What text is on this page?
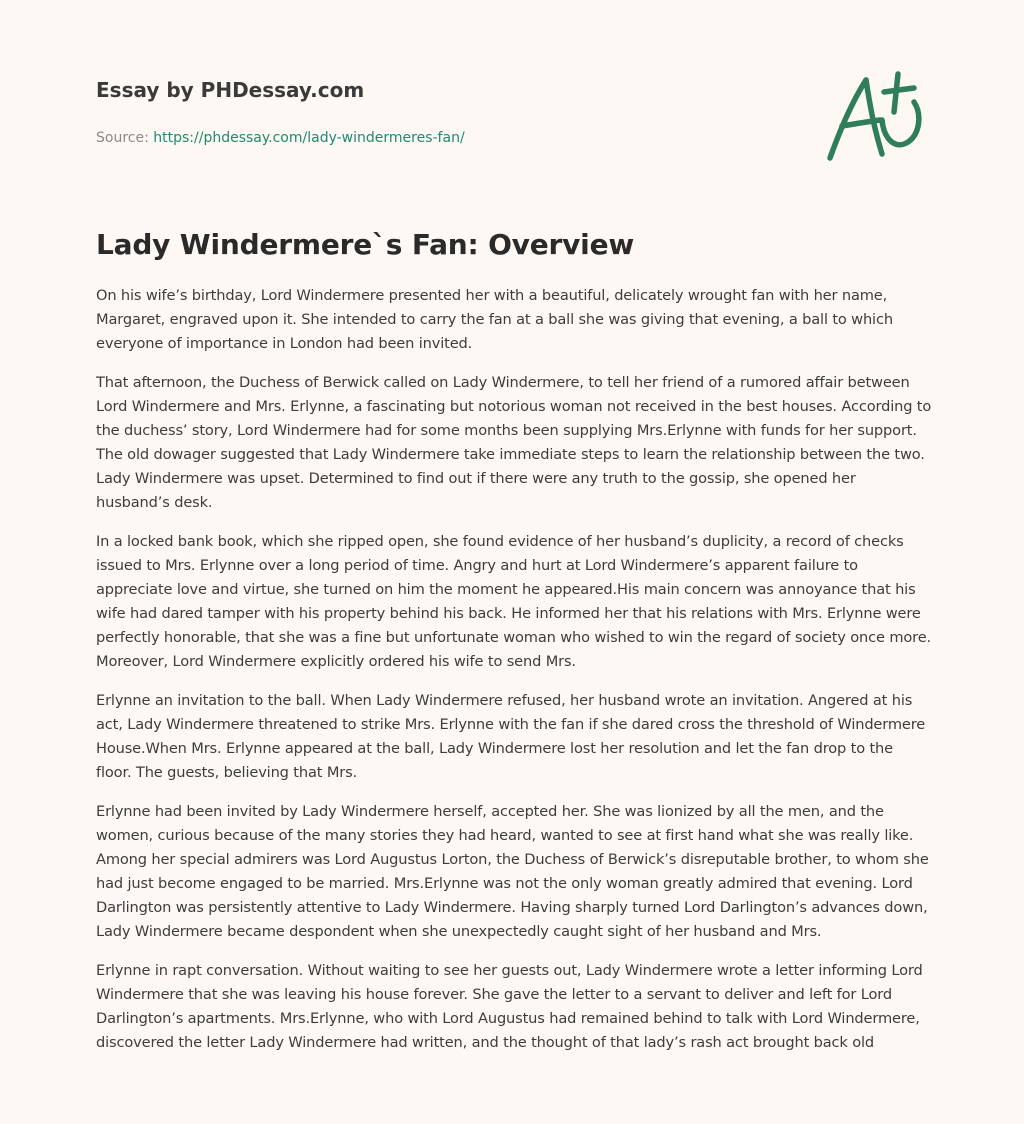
Essay by PHDessay.com
Source: https://phdessay.com/lady-windermeres-fan/
Lady Windermere`s Fan: Overview

On his wife’s birthday, Lord Windermere presented her with a beautiful, delicately wrought fan with her name, Margaret, engraved upon it. She intended to carry the fan at a ball she was giving that evening, a ball to which everyone of importance in London had been invited.

That afternoon, the Duchess of Berwick called on Lady Windermere, to tell her friend of a rumored affair between Lord Windermere and Mrs. Erlynne, a fascinating but notorious woman not received in the best houses. According to the duchess’ story, Lord Windermere had for some months been supplying Mrs.Erlynne with funds for her support. The old dowager suggested that Lady Windermere take immediate steps to learn the relationship between the two. Lady Windermere was upset. Determined to find out if there were any truth to the gossip, she opened her husband’s desk.

In a locked bank book, which she ripped open, she found evidence of her husband’s duplicity, a record of checks issued to Mrs. Erlynne over a long period of time. Angry and hurt at Lord Windermere’s apparent failure to appreciate love and virtue, she turned on him the moment he appeared.His main concern was annoyance that his wife had dared tamper with his property behind his back. He informed her that his relations with Mrs. Erlynne were perfectly honorable, that she was a fine but unfortunate woman who wished to win the regard of society once more. Moreover, Lord Windermere explicitly ordered his wife to send Mrs.

Erlynne an invitation to the ball. When Lady Windermere refused, her husband wrote an invitation. Angered at his act, Lady Windermere threatened to strike Mrs. Erlynne with the fan if she dared cross the threshold of Windermere House.When Mrs. Erlynne appeared at the ball, Lady Windermere lost her resolution and let the fan drop to the floor. The guests, believing that Mrs.

Erlynne had been invited by Lady Windermere herself, accepted her. She was lionized by all the men, and the women, curious because of the many stories they had heard, wanted to see at first hand what she was really like. Among her special admirers was Lord Augustus Lorton, the Duchess of Berwick’s disreputable brother, to whom she had just become engaged to be married. Mrs.Erlynne was not the only woman greatly admired that evening. Lord Darlington was persistently attentive to Lady Windermere. Having sharply turned Lord Darlington’s advances down, Lady Windermere became despondent when she unexpectedly caught sight of her husband and Mrs.

Erlynne in rapt conversation. Without waiting to see her guests out, Lady Windermere wrote a letter informing Lord Windermere that she was leaving his house forever. She gave the letter to a servant to deliver and left for Lord Darlington’s apartments. Mrs.Erlynne, who with Lord Augustus had remained behind to talk with Lord Windermere, discovered the letter Lady Windermere had written, and the thought of that lady’s rash act brought back old
